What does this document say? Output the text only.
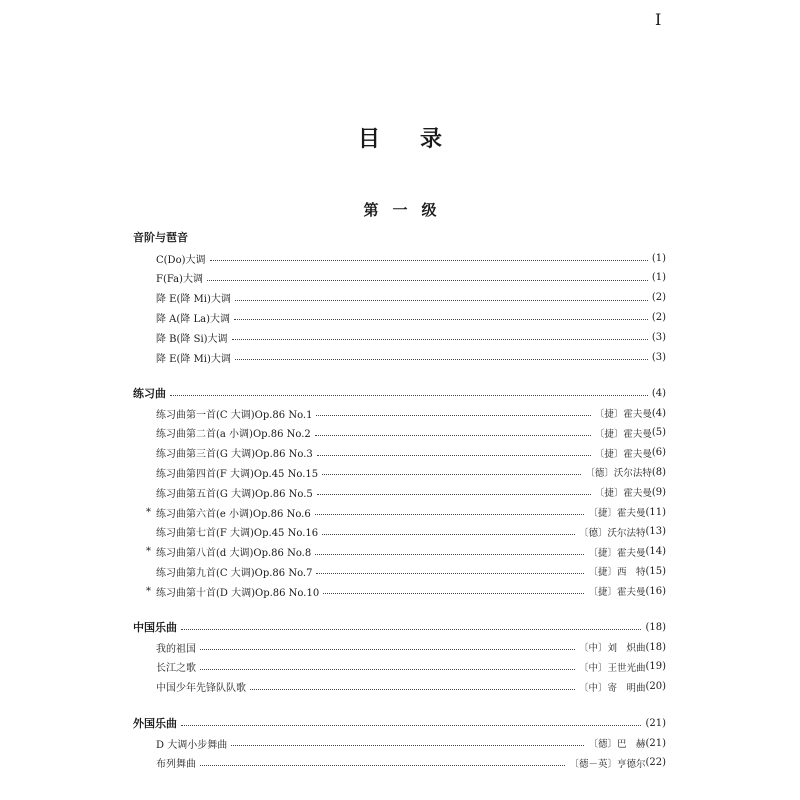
I
目录
第一级
音阶与琶音
C(Do)大调	(1)
F(Fa)大调	(1)
降 E(降 Mi)大调	(2)
降 A(降 La)大调	(2)
降 B(降 Si)大调	(3)
降 E(降 Mi)大调	(3)
练习曲	(4)
练习曲第一首(C 大调)Op.86 No.1	〔捷〕霍夫曼 (4)
练习曲第二首(a 小调)Op.86 No.2	〔捷〕霍夫曼 (5)
练习曲第三首(G 大调)Op.86 No.3	〔捷〕霍夫曼 (6)
练习曲第四首(F 大调)Op.45 No.15	〔德〕沃尔法特 (8)
练习曲第五首(G 大调)Op.86 No.5	〔捷〕霍夫曼 (9)
* 练习曲第六首(e 小调)Op.86 No.6	〔捷〕霍夫曼 (11)
练习曲第七首(F 大调)Op.45 No.16	〔德〕沃尔法特 (13)
* 练习曲第八首(d 大调)Op.86 No.8	〔捷〕霍夫曼 (14)
练习曲第九首(C 大调)Op.86 No.7	〔捷〕西　特 (15)
* 练习曲第十首(D 大调)Op.86 No.10	〔捷〕霍夫曼 (16)
中国乐曲	(18)
我的祖国	〔中〕刘　炽曲 (18)
长江之歌	〔中〕王世光曲 (19)
中国少年先锋队队歌	〔中〕寄　明曲 (20)
外国乐曲	(21)
D 大调小步舞曲	〔德〕巴　赫 (21)
布列舞曲	〔德－英〕亨德尔 (22)
